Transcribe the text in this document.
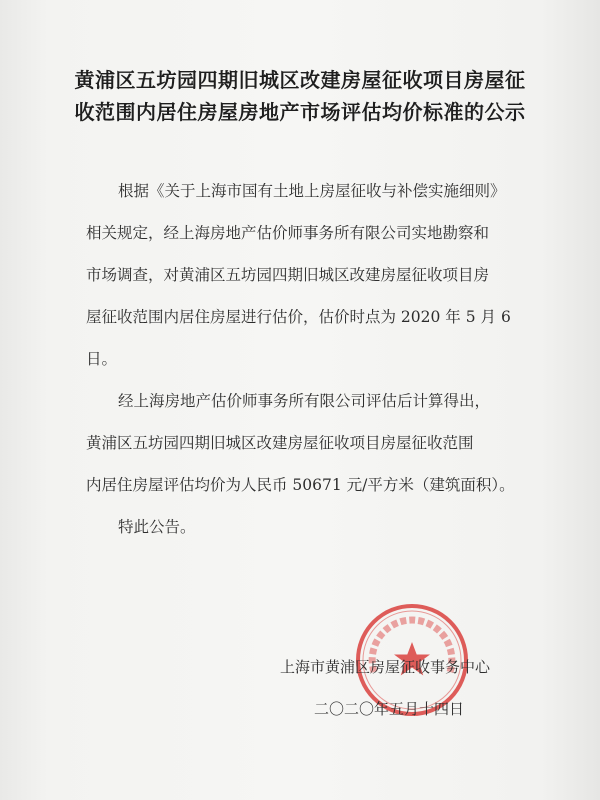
黄浦区五坊园四期旧城区改建房屋征收项目房屋征
收范围内居住房屋房地产市场评估均价标准的公示
根据《关于上海市国有土地上房屋征收与补偿实施细则》
相关规定，经上海房地产估价师事务所有限公司实地勘察和
市场调查，对黄浦区五坊园四期旧城区改建房屋征收项目房
屋征收范围内居住房屋进行估价，估价时点为 2020 年 5 月 6
日。
经上海房地产估价师事务所有限公司评估后计算得出，
黄浦区五坊园四期旧城区改建房屋征收项目房屋征收范围
内居住房屋评估均价为人民币 50671 元/平方米（建筑面积）。
特此公告。
上海市黄浦区房屋征收事务中心
二〇二〇年五月十四日
